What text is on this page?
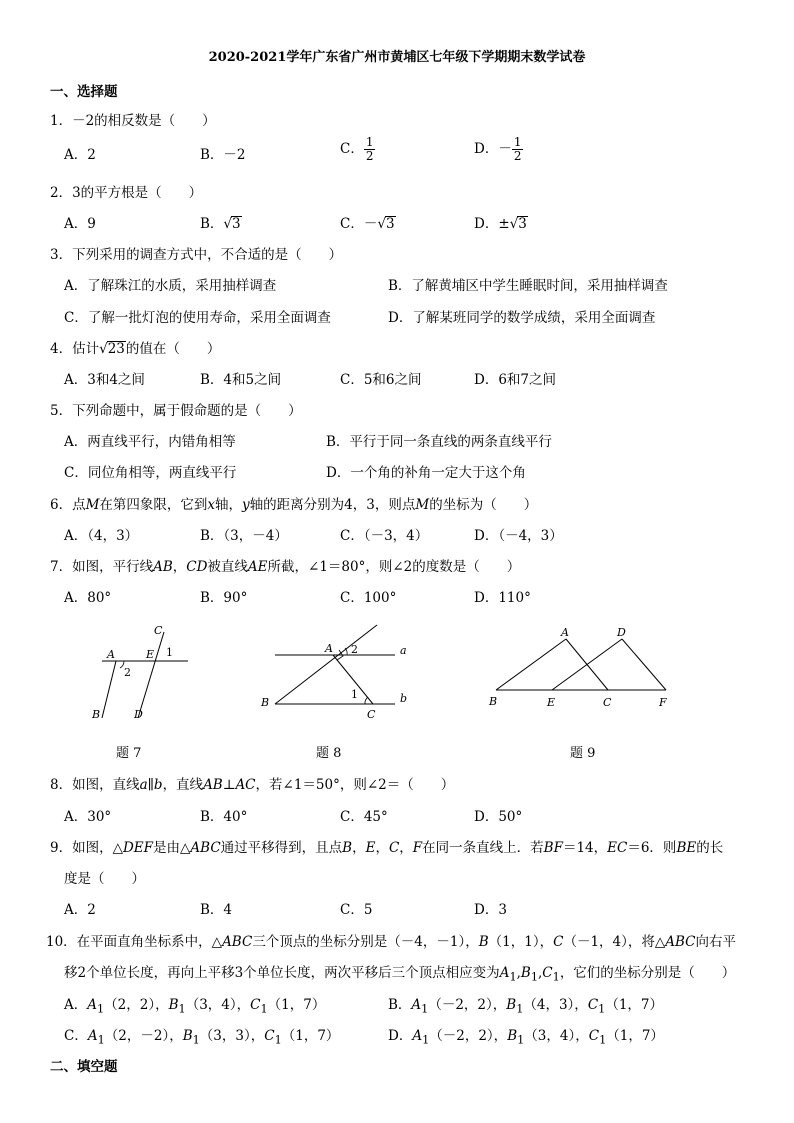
2020-2021学年广东省广州市黄埔区七年级下学期期末数学试卷
一、选择题
1．－2的相反数是（　　）
A．2	B．－2	C． $\frac{1}{2}$	D．－ $\frac{1}{2}$
2．3的平方根是（　　）
A．9	B．√3	C．－√3	D．±√3
3．下列采用的调查方式中，不合适的是（　　）
A．了解珠江的水质，采用抽样调查	B．了解黄埔区中学生睡眠时间，采用抽样调查
C．了解一批灯泡的使用寿命，采用全面调查	D．了解某班同学的数学成绩，采用全面调查
4．估计√23的值在（　　）
A．3和4之间	B．4和5之间	C．5和6之间	D．6和7之间
5．下列命题中，属于假命题的是（　　）
A．两直线平行，内错角相等	B．平行于同一条直线的两条直线平行
C．同位角相等，两直线平行	D．一个角的补角一定大于这个角
6．点M在第四象限，它到x轴，y轴的距离分别为4，3，则点M的坐标为（　　）
A．（4，3）	B．（3，－4）	C．（－3，4）	D．（－4，3）
7．如图，平行线AB，CD被直线AE所截，∠1＝80°，则∠2的度数是（　　）
A．80°	B．90°	C．100°	D．110°
A	E 1
2
C
B	D
题 7
A 2	a
1	b
B
C
题 8
A	D
B	E	C	F
题 9
8．如图，直线a∥b，直线AB⊥AC，若∠1＝50°，则∠2＝（　　）
A．30°	B．40°	C．45°	D．50°
9．如图，△DEF是由△ABC通过平移得到，且点B，E，C，F在同一条直线上．若BF＝14，EC＝6．则BE的长
度是（　　）
A．2	B．4	C．5	D．3
10．在平面直角坐标系中，△ABC三个顶点的坐标分别是（－4，－1），B（1，1），C（－1，4），将△ABC向右平
移2个单位长度，再向上平移3个单位长度，两次平移后三个顶点相应变为$A_1,B_1,C_1$，它们的坐标分别是（　　）
A．$A_1(2$，2），$B_1(3$，4），$C_1(1$，7）	B．$A_1(-2$，2），$B_1(4$，3），$C_1(1$，7）
C．$A_1(2$，－2），$B_1(3$，3），$C_1(1$，7）	D．$A_1(-2$，2），$B_1(3$，4），$C_1(1$，7）
二、填空题
